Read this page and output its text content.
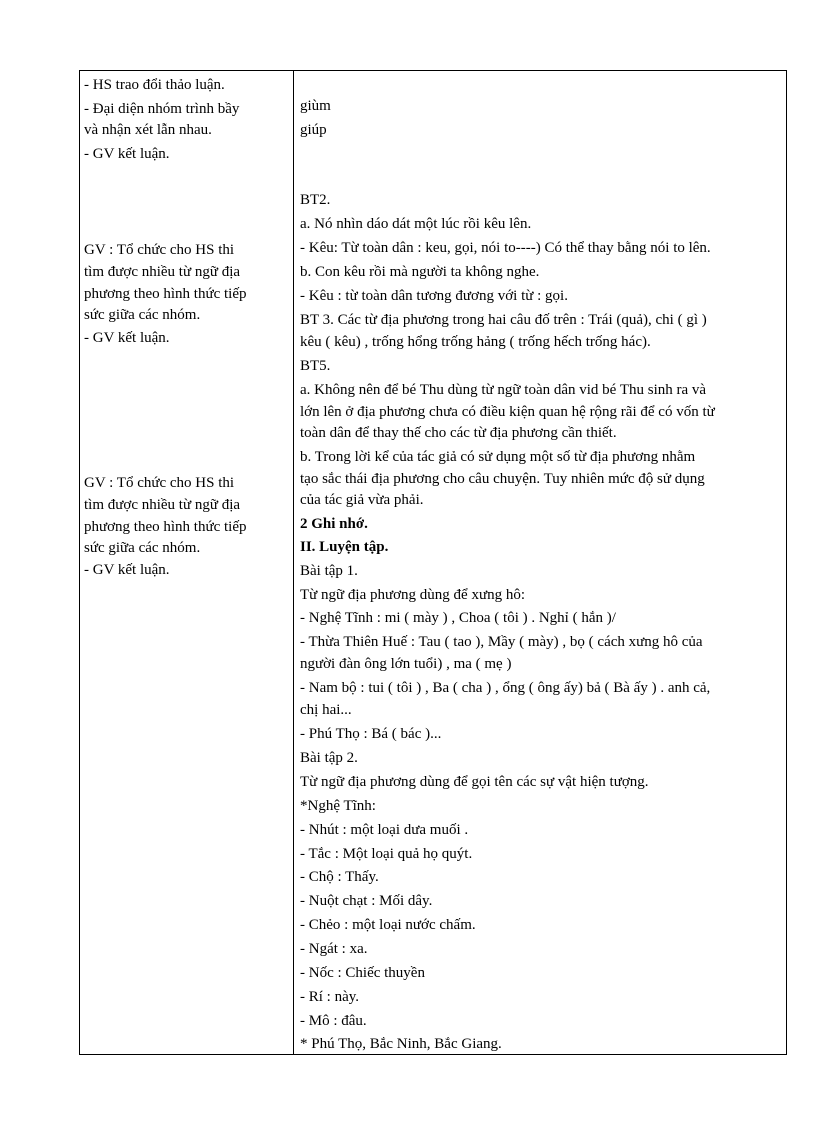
- HS trao đổi thảo luận.
- Đại diện nhóm trình bầy
và nhận xét lẫn nhau.
- GV kết luận.
GV : Tổ chức cho HS thi
tìm được nhiều từ ngữ địa
phương theo hình thức tiếp
sức giữa các nhóm.
- GV kết luận.
GV : Tổ chức cho HS thi
tìm được nhiều từ ngữ địa
phương theo hình thức tiếp
sức giữa các nhóm.
- GV kết luận.
giùm
giúp
BT2.
a. Nó nhìn dáo dát một lúc rồi kêu lên.
- Kêu: Từ toàn dân : keu, gọi, nói to----) Có thể thay bằng nói to lên.
b. Con kêu rồi mà người ta không nghe.
- Kêu : từ toàn dân tương đương với từ : gọi.
BT 3. Các từ địa phương trong hai câu đố trên : Trái (quả), chi ( gì )
kêu ( kêu) , trống hổng trống hảng ( trống hếch trống hác).
BT5.
a. Không nên để bé Thu dùng từ ngữ toàn dân vid bé Thu sinh ra và
lớn lên ở địa phương chưa có điều kiện quan hệ rộng rãi để có vốn từ
toàn dân để thay thế cho các từ địa phương cần thiết.
b. Trong lời kể của tác giả có sử dụng một số từ địa phương nhằm
tạo sắc thái địa phương cho câu chuyện. Tuy nhiên mức độ sử dụng
của tác giả vừa phải.
2 Ghi nhớ.
II. Luyện tập.
Bài tập 1.
Từ ngữ địa phương dùng để xưng hô:
- Nghệ Tĩnh : mi ( mày ) , Choa ( tôi ) . Nghỉ ( hắn )/
- Thừa Thiên Huế : Tau ( tao ), Mầy ( mày) , bọ ( cách xưng hô của
người đàn ông lớn tuổi) , ma ( mẹ )
- Nam bộ : tui ( tôi ) , Ba ( cha ) , ổng ( ông ấy) bả ( Bà ấy ) . anh cả,
chị hai...
- Phú Thọ : Bá ( bác )...
Bài tập 2.
Từ ngữ địa phương dùng để gọi tên các sự vật hiện tượng.
*Nghệ Tĩnh:
- Nhút : một loại dưa muối .
- Tắc : Một loại quả họ quýt.
- Chộ : Thấy.
- Nuột chạt : Mối dây.
- Chẻo : một loại nước chấm.
- Ngát : xa.
- Nốc : Chiếc thuyền
- Rí : này.
- Mô : đâu.
* Phú Thọ, Bắc Ninh, Bắc Giang.
